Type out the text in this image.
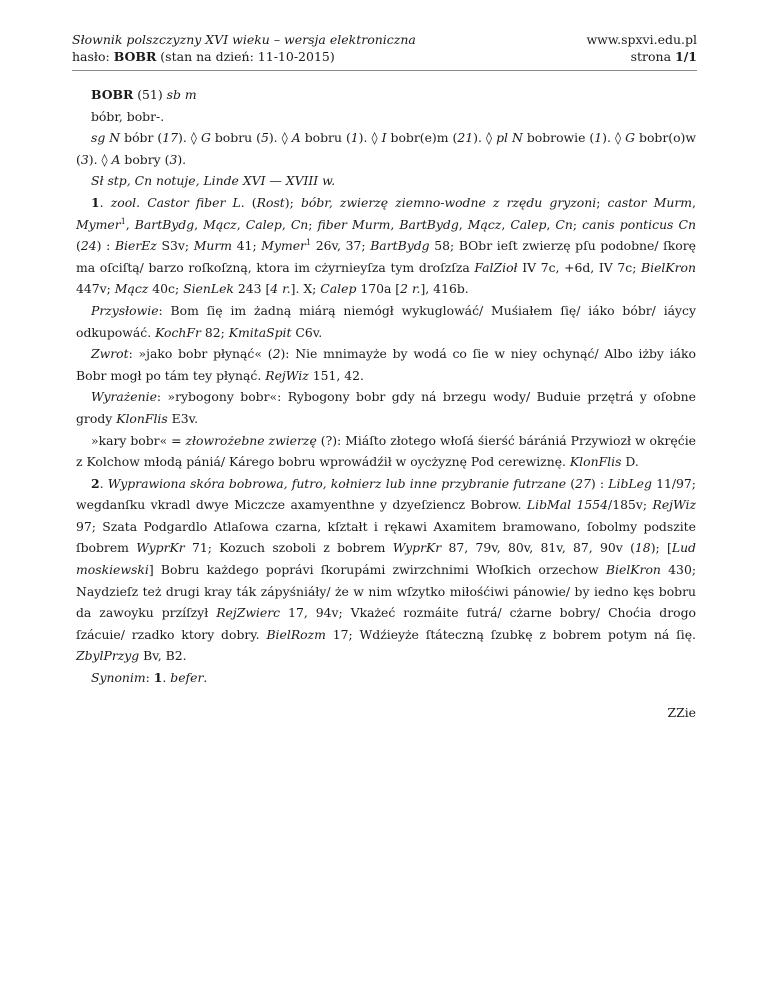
Słownik polszczyzny XVI wieku – wersja elektroniczna
hasło: BOBR (stan na dzień: 11-10-2015)
www.spxvi.edu.pl
strona 1/1

BOBR (51) sb m

bóbr, bobr-.

sg N bóbr (17). ◊ G bobru (5). ◊ A bobru (1). ◊ I bobr(e)m (21). ◊ pl N bobrowie (1). ◊ G bobr(o)w (3). ◊ A bobry (3).

Sł stp, Cn notuje, Linde XVI — XVIII w.

1. zool. Castor fiber L. (Rost); bóbr, zwierzę ziemno-wodne z rzędu gryzoni; castor Murm, Mymer$^1$, BartBydg, Mącz, Calep, Cn; fiber Murm, BartBydg, Mącz, Calep, Cn; canis ponticus Cn (24) : BierEz S3v; Murm 41; Mymer$^1$ 26v, 37; BartBydg 58; BObr ieſt zwierzę pſu podobne/ ſkorę ma oſciſtą/ barzo roſkoſzną, ktora im cżyrnieyſza tym droſzſza FalZioł IV 7c, +6d, IV 7c; BielKron 447v; Mącz 40c; SienLek 243 [4 r.]. X; Calep 170a [2 r.], 416b.

Przysłowie: Bom ſię im żadną miárą niemógł wykuglowáć/ Muśiałem ſię/ iáko bóbr/ iáycy odkupowáć. KochFr 82; KmitaSpit C6v.

Zwrot: »jako bobr płynąć« (2): Nie mnimayże by wodá co ſie w niey ochynąć/ Albo iżby iáko Bobr mogł po tám tey płynąć. RejWiz 151, 42.

Wyrażenie: »rybogony bobr«: Rybogony bobr gdy ná brzegu wody/ Buduie przętrá y oſobne grody KlonFlis E3v.

»kary bobr« = złowrożebne zwierzę (?): Miáſto złotego włoſá śierść bárániá Przywiozł w okręćie z Kolchow młodą pániá/ Kárego bobru wprowádźił w oycżyznę Pod cerewiznę. KlonFlis D.

2. Wyprawiona skóra bobrowa, futro, kołnierz lub inne przybranie futrzane (27) : LibLeg 11/97; wegdanſku vkradl dwye Miczcze axamyenthne y dzyeſziencz Bobrow. LibMal 1554/185v; RejWiz 97; Szata Podgardlo Atlaſowa czarna, kſztałt i rękawi Axamitem bramowano, ſobolmy podszite ſbobrem WyprKr 71; Kozuch szoboli z bobrem WyprKr 87, 79v, 80v, 81v, 87, 90v (18); [Lud moskiewski] Bobru każdego poprávi ſkorupámi zwirzchnimi Włoſkich orzechow BielKron 430; Naydzieſz też drugi kray ták zápyśniáły/ że w nim wſzytko miłośćiwi pánowie/ by iedno kęs bobru da zawoyku przíſzył RejZwierc 17, 94v; Vkażeć rozmáite futrá/ cżarne bobry/ Choćia drogo ſzácuie/ rzadko ktory dobry. BielRozm 17; Wdźieyże ſtáteczną ſzubkę z bobrem potym ná ſię. ZbylPrzyg Bv, B2.

Synonim: 1. befer.

ZZie
